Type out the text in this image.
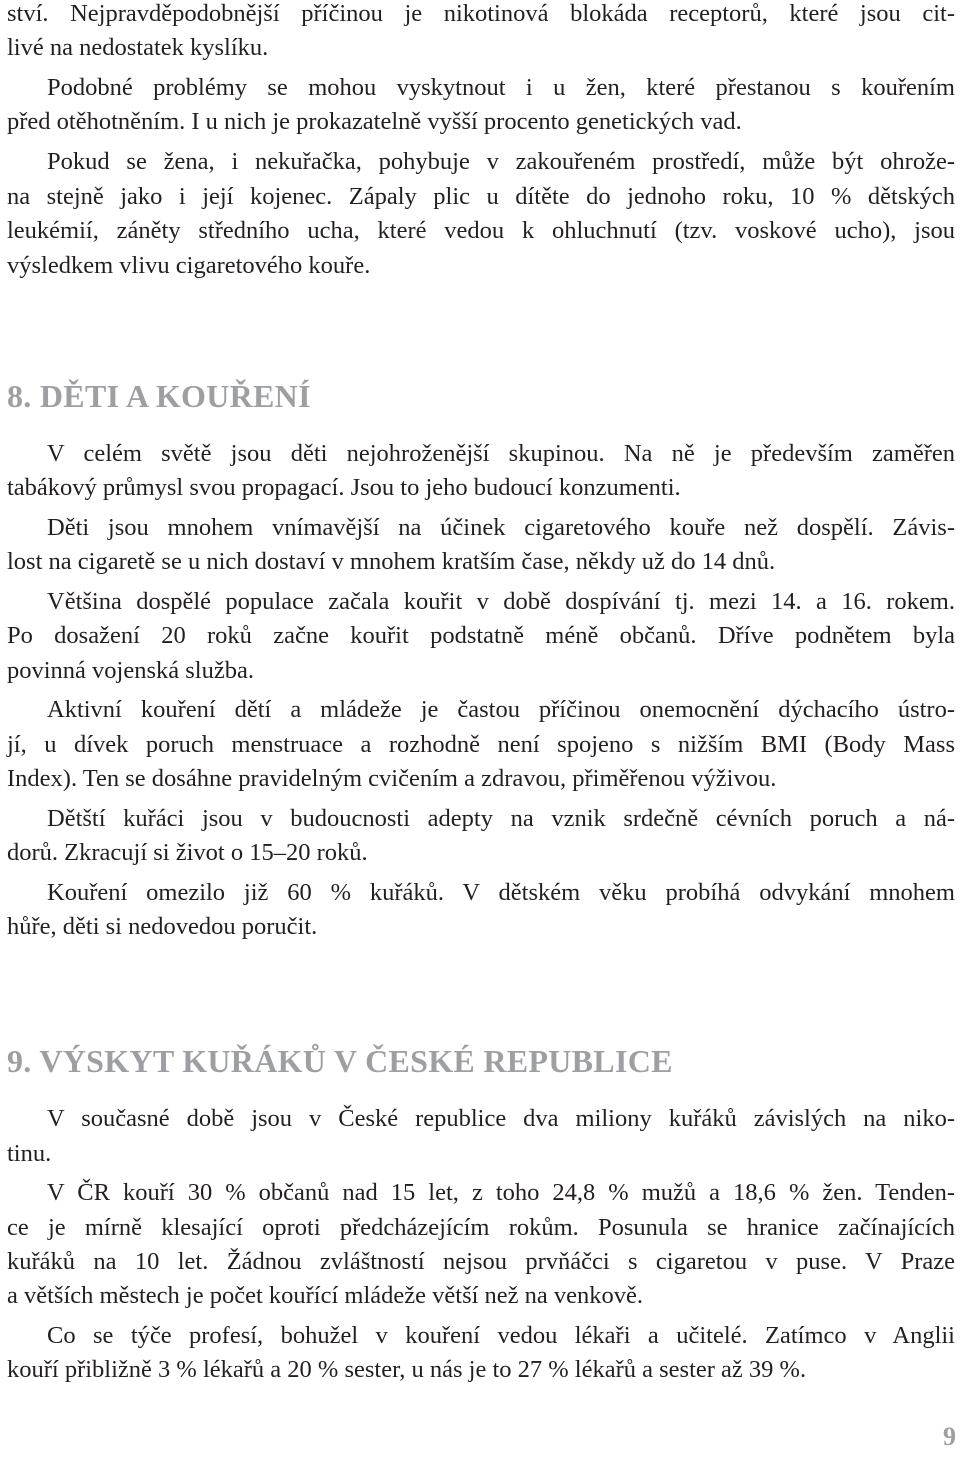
ství. Nejpravděpodobnější příčinou je nikotinová blokáda receptorů, které jsou cit-
livé na nedostatek kyslíku.
Podobné problémy se mohou vyskytnout i u žen, které přestanou s kouřením
před otěhotněním. I u nich je prokazatelně vyšší procento genetických vad.
Pokud se žena, i nekuřačka, pohybuje v zakouřeném prostředí, může být ohrože-
na stejně jako i její kojenec. Zápaly plic u dítěte do jednoho roku, 10 % dětských
leukémií, záněty středního ucha, které vedou k ohluchnutí (tzv. voskové ucho), jsou
výsledkem vlivu cigaretového kouře.
8. DĚTI A KOUŘENÍ
V celém světě jsou děti nejohroženější skupinou. Na ně je především zaměřen
tabákový průmysl svou propagací. Jsou to jeho budoucí konzumenti.
Děti jsou mnohem vnímavější na účinek cigaretového kouře než dospělí. Závis-
lost na cigaretě se u nich dostaví v mnohem kratším čase, někdy už do 14 dnů.
Většina dospělé populace začala kouřit v době dospívání tj. mezi 14. a 16. rokem.
Po dosažení 20 roků začne kouřit podstatně méně občanů. Dříve podnětem byla
povinná vojenská služba.
Aktivní kouření dětí a mládeže je častou příčinou onemocnění dýchacího ústro-
jí, u dívek poruch menstruace a rozhodně není spojeno s nižším BMI (Body Mass
Index). Ten se dosáhne pravidelným cvičením a zdravou, přiměřenou výživou.
Dětští kuřáci jsou v budoucnosti adepty na vznik srdečně cévních poruch a ná-
dorů. Zkracují si život o 15–20 roků.
Kouření omezilo již 60 % kuřáků. V dětském věku probíhá odvykání mnohem
hůře, děti si nedovedou poručit.
9. VÝSKYT KUŘÁKŮ V ČESKÉ REPUBLICE
V současné době jsou v České republice dva miliony kuřáků závislých na niko-
tinu.
V ČR kouří 30 % občanů nad 15 let, z toho 24,8 % mužů a 18,6 % žen. Tenden-
ce je mírně klesající oproti předcházejícím rokům. Posunula se hranice začínajících
kuřáků na 10 let. Žádnou zvláštností nejsou prvňáčci s cigaretou v puse. V Praze
a větších městech je počet kouřící mládeže větší než na venkově.
Co se týče profesí, bohužel v kouření vedou lékaři a učitelé. Zatímco v Anglii
kouří přibližně 3 % lékařů a 20 % sester, u nás je to 27 % lékařů a sester až 39 %.
9
